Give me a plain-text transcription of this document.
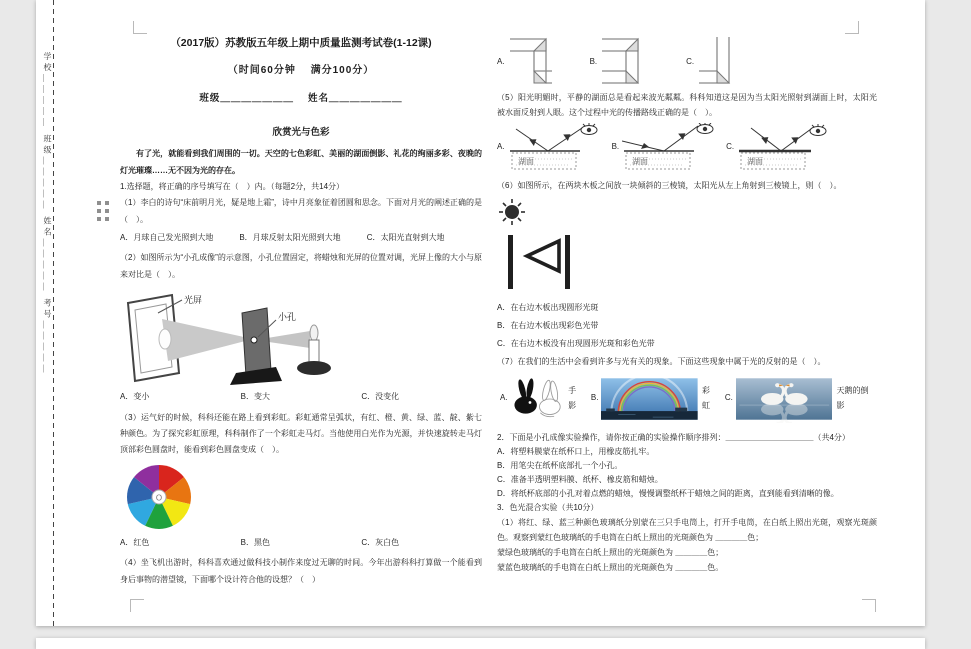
学校＿＿＿＿＿ 班级＿＿＿＿＿ 姓名＿＿＿＿＿ 考号＿＿＿＿＿
（2017版）苏教版五年级上期中质量监测考试卷(1-12课)
（时间60分钟　 满分100分）
班级＿＿＿＿＿＿＿　 姓名＿＿＿＿＿＿＿
欣赏光与色彩
有了光，就能看到我们周围的一切。天空的七色彩虹、美丽的湖面倒影、礼花的绚丽多彩、夜晚的灯光璀璨……无不因为光的存在。
1.选择题，将正确的序号填写在（　）内。（每题2分，共14分）
（1）李白的诗句“床前明月光，疑是地上霜”，诗中月亮象征着团圆和思念。下面对月光的阐述正确的是（　）。
A．月球自己发光照到大地	B．月球反射太阳光照到大地	C．太阳光直射到大地
（2）如图所示为“小孔成像”的示意图，小孔位置固定，将蜡烛和光屏的位置对调，光屏上像的大小与原来对比是（　）。
光屏
小孔
A．变小	B．变大	C．没变化
（3）运气好的时候，科科还能在路上看到彩虹。彩虹通常呈弧状，有红、橙、黄、绿、蓝、靛、紫七种颜色。为了探究彩虹原理，科科制作了一个彩虹走马灯。当他使用白光作为光源，并快速旋转走马灯顶部彩色圆盘时，能看到彩色圆盘变成（　）。
O
A．红色	B．黑色	C．灰白色
（4）坐飞机出游时，科科喜欢通过做科技小制作来度过无聊的时间。今年出游科科打算做一个能看到身后事物的潜望镜，下面哪个设计符合他的设想？（　）
A.	B.	C.
（5）阳光明媚时，平静的湖面总是看起来波光粼粼。科科知道这是因为当太阳光照射到湖面上时，太阳光被水面反射到人眼。这个过程中光的传播路线正确的是（　）。
A.
湖面
B.
湖面
C.
湖面
（6）如图所示，在两块木板之间放一块倾斜的三棱镜，太阳光从左上角射到三棱镜上，则（　）。
A．在右边木板出现圆形光斑
B．在右边木板出现彩色光带
C．在右边木板没有出现圆形光斑和彩色光带
（7）在我们的生活中会看到许多与光有关的现象。下面这些现象中属于光的反射的是（　）。
A.
手影
B.
彩虹
C.
天鹅的倒影
2．下面是小孔成像实验操作，请你按正确的实验操作顺序排列：＿＿＿＿＿＿＿＿＿＿＿（共4分）
A．将塑料膜蒙在纸杯口上，用橡皮筋扎牢。
B．用笔尖在纸杯底部扎一个小孔。
C．准备半透明塑料膜、纸杯、橡皮筋和蜡烛。
D．将纸杯底部的小孔对着点燃的蜡烛，慢慢调整纸杯于蜡烛之间的距离，直到能看到清晰的像。
3．色光混合实验（共10分）
（1）将红、绿、蓝三种颜色玻璃纸分别蒙在三只手电筒上，打开手电筒，在白纸上照出光斑，观察光斑颜色。观察到蒙红色玻璃纸的手电筒在白纸上照出的光斑颜色为 ＿＿＿＿色；
蒙绿色玻璃纸的手电筒在白纸上照出的光斑颜色为 ＿＿＿＿色；
蒙蓝色玻璃纸的手电筒在白纸上照出的光斑颜色为 ＿＿＿＿色。
